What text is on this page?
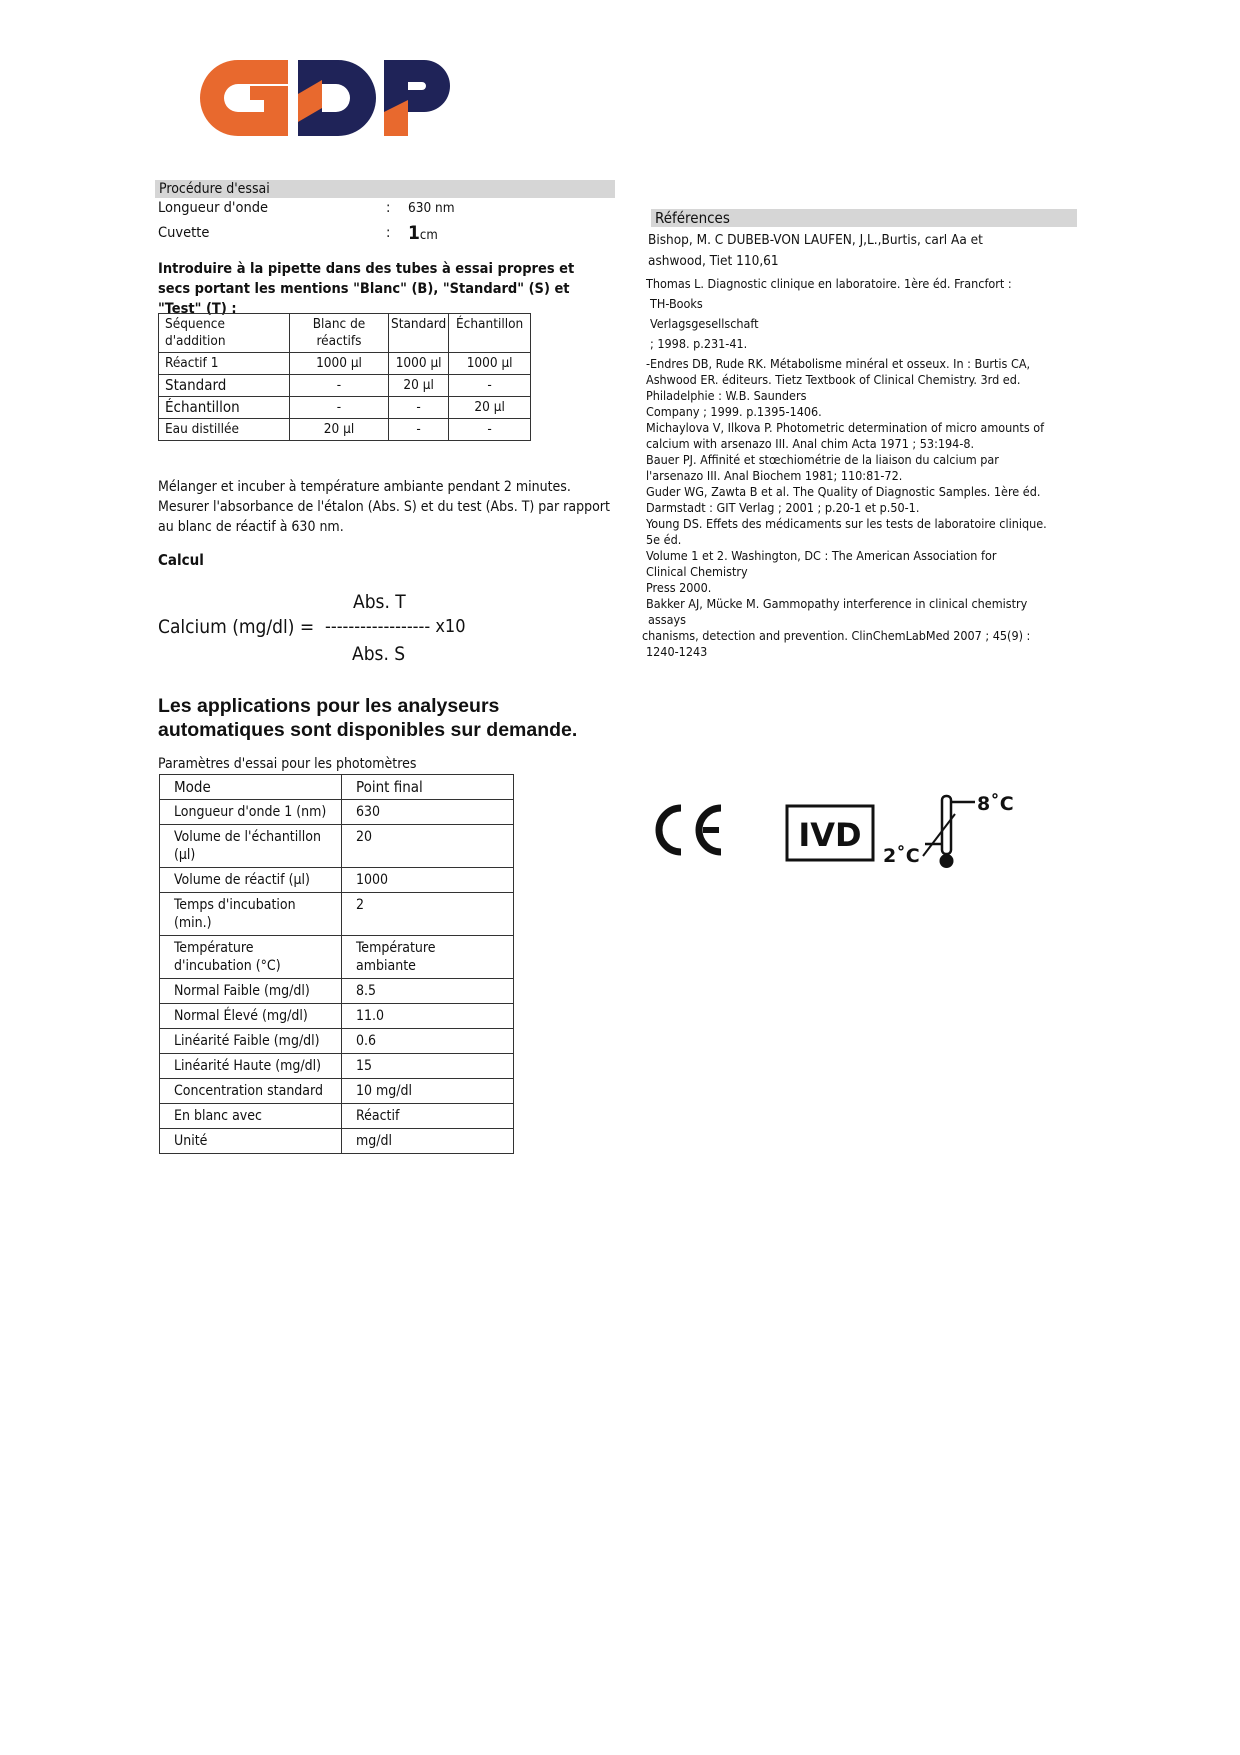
Procédure d'essai
Longueur d'onde	: 630 nm
Cuvette	: 1cm
Introduire à la pipette dans des tubes à essai propres et secs portant les mentions "Blanc" (B), "Standard" (S) et "Test" (T) :
Séquence d'addition	Blanc de réactifs	Standard	Échantillon
Réactif 1	1000 µl	1000 µl	1000 µl
Standard	-	20 µl	-
Échantillon	-	-	20 µl
Eau distillée	20 µl	-	-
Mélanger et incuber à température ambiante pendant 2 minutes. Mesurer l'absorbance de l'étalon (Abs. S) et du test (Abs. T) par rapport au blanc de réactif à 630 nm.
Calcul
Abs. T
Calcium (mg/dl) = ------------------ x10
Abs. S
Les applications pour les analyseurs automatiques sont disponibles sur demande.
Paramètres d'essai pour les photomètres
Mode	Point final
Longueur d'onde 1 (nm)	630
Volume de l'échantillon (µl)	20
Volume de réactif (µl)	1000
Temps d'incubation (min.)	2
Température d'incubation (°C)	Température ambiante
Normal Faible (mg/dl)	8.5
Normal Élevé (mg/dl)	11.0
Linéarité Faible (mg/dl)	0.6
Linéarité Haute (mg/dl)	15
Concentration standard	10 mg/dl
En blanc avec	Réactif
Unité	mg/dl
Références

Bishop, M. C DUBEB-VON LAUFEN, J,L.,Burtis, carl Aa et

ashwood, Tiet 110,61

Thomas L. Diagnostic clinique en laboratoire. 1ère éd. Francfort :

TH-Books

Verlagsgesellschaft

; 1998. p.231-41.

-Endres DB, Rude RK. Métabolisme minéral et osseux. In : Burtis CA,

Ashwood ER. éditeurs. Tietz Textbook of Clinical Chemistry. 3rd ed.

Philadelphie : W.B. Saunders

Company ; 1999. p.1395-1406.

Michaylova V, Ilkova P. Photometric determination of micro amounts of

calcium with arsenazo III. Anal chim Acta 1971 ; 53:194-8.

Bauer PJ. Affinité et stœchiométrie de la liaison du calcium par

l'arsenazo III. Anal Biochem 1981; 110:81-72.

Guder WG, Zawta B et al. The Quality of Diagnostic Samples. 1ère éd.

Darmstadt : GIT Verlag ; 2001 ; p.20-1 et p.50-1.

Young DS. Effets des médicaments sur les tests de laboratoire clinique.

5e éd.

Volume 1 et 2. Washington, DC : The American Association for

Clinical Chemistry

Press 2000.

Bakker AJ, Mücke M. Gammopathy interference in clinical chemistry

assays

chanisms, detection and prevention. ClinChemLabMed 2007 ; 45(9) :

1240-1243

IVD
8˚C
2˚C
